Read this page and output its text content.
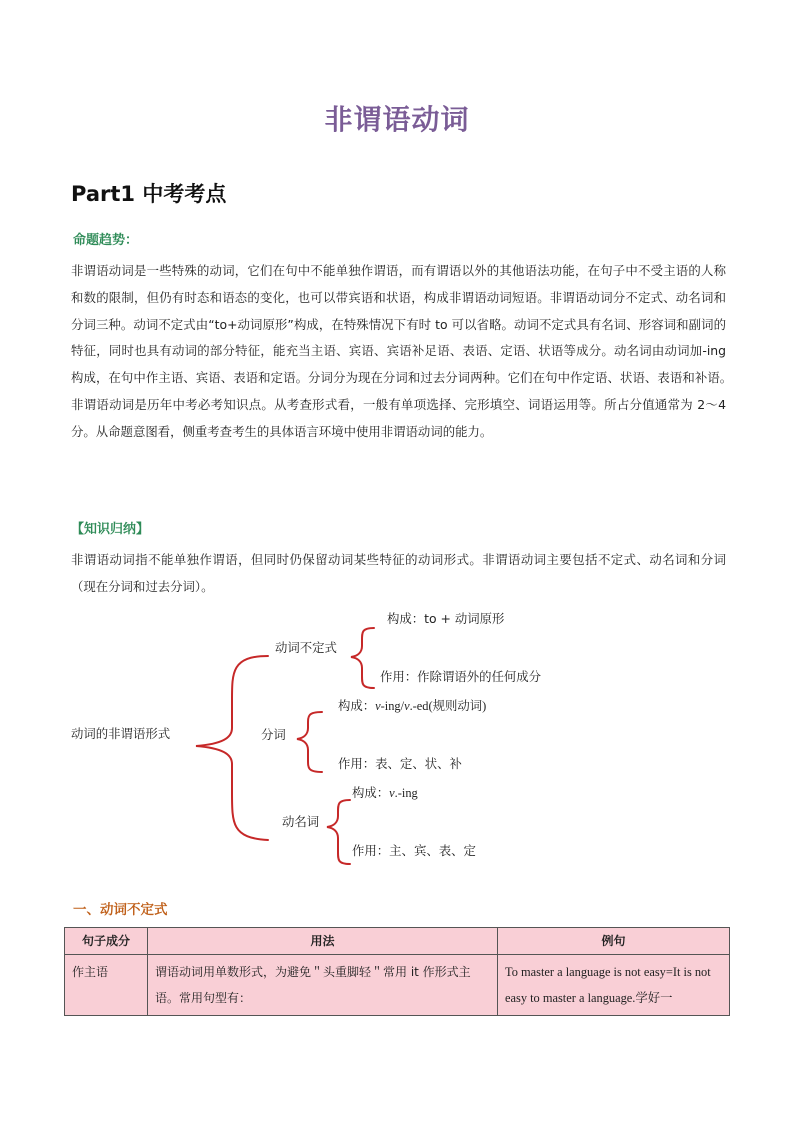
非谓语动词
Part1 中考考点
命题趋势：

非谓语动词是一些特殊的动词，它们在句中不能单独作谓语，而有谓语以外的其他语法功能，在句子中不受主语的人称和数的限制，但仍有时态和语态的变化，也可以带宾语和状语，构成非谓语动词短语。非谓语动词分不定式、动名词和分词三种。动词不定式由“to+动词原形”构成，在特殊情况下有时 to 可以省略。动词不定式具有名词、形容词和副词的特征，同时也具有动词的部分特征，能充当主语、宾语、宾语补足语、表语、定语、状语等成分。动名词由动词加-ing 构成，在句中作主语、宾语、表语和定语。分词分为现在分词和过去分词两种。它们在句中作定语、状语、表语和补语。　　非谓语动词是历年中考必考知识点。从考查形式看，一般有单项选择、完形填空、词语运用等。所占分值通常为 2～4 分。从命题意图看，侧重考查考生的具体语言环境中使用非谓语动词的能力。

【知识归纳】

非谓语动词指不能单独作谓语，但同时仍保留动词某些特征的动词形式。非谓语动词主要包括不定式、动名词和分词（现在分词和过去分词）。

动词的非谓语形式
动词不定式
构成：to + 动词原形
作用：作除谓语外的任何成分
分词
构成：v-ing/v.-ed(规则动词)
作用：表、定、状、补
动名词
构成：v.-ing
作用：主、宾、表、定
一、动词不定式
句子成分	用法	例句
作主语	谓语动词用单数形式，为避免＂头重脚轻＂常用 it 作形式主语。常用句型有：	To master a language is not easy=It is not easy to master a language.学好一
